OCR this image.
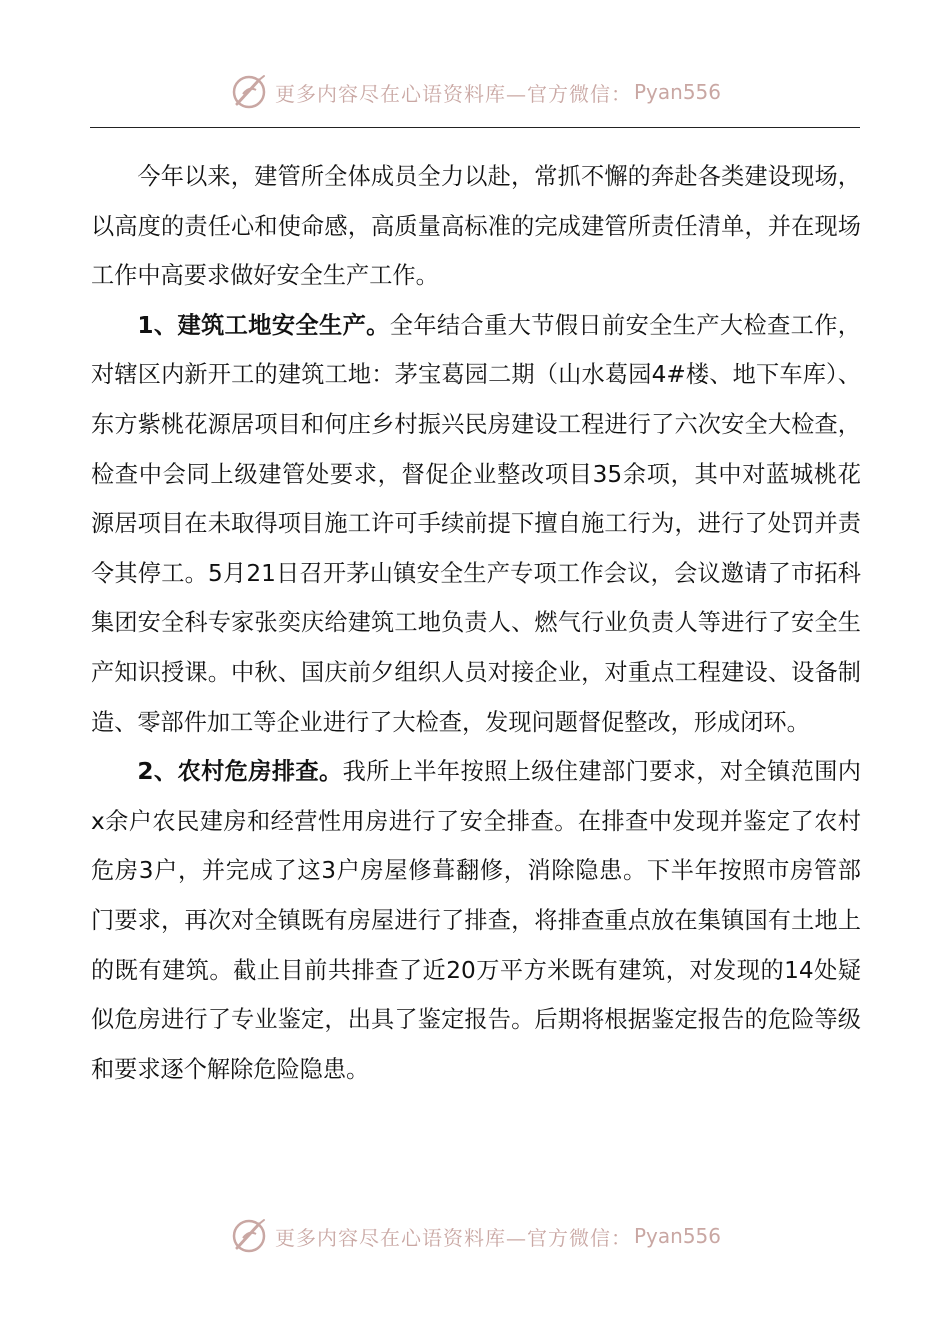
更多内容尽在心语资料库—官方微信： Pyan556

今年以来，建管所全体成员全力以赴，常抓不懈的奔赴各类建设现场，以高度的责任心和使命感，高质量高标准的完成建管所责任清单，并在现场工作中高要求做好安全生产工作。

1、建筑工地安全生产。全年结合重大节假日前安全生产大检查工作，对辖区内新开工的建筑工地：茅宝葛园二期（山水葛园4#楼、地下车库）、东方紫桃花源居项目和何庄乡村振兴民房建设工程进行了六次安全大检查，检查中会同上级建管处要求，督促企业整改项目35余项，其中对蓝城桃花源居项目在未取得项目施工许可手续前提下擅自施工行为，进行了处罚并责令其停工。5月21日召开茅山镇安全生产专项工作会议，会议邀请了市拓科集团安全科专家张奕庆给建筑工地负责人、燃气行业负责人等进行了安全生产知识授课。中秋、国庆前夕组织人员对接企业，对重点工程建设、设备制造、零部件加工等企业进行了大检查，发现问题督促整改，形成闭环。

2、农村危房排查。我所上半年按照上级住建部门要求，对全镇范围内x余户农民建房和经营性用房进行了安全排查。在排查中发现并鉴定了农村危房3户，并完成了这3户房屋修葺翻修，消除隐患。下半年按照市房管部门要求，再次对全镇既有房屋进行了排查，将排查重点放在集镇国有土地上的既有建筑。截止目前共排查了近20万平方米既有建筑，对发现的14处疑似危房进行了专业鉴定，出具了鉴定报告。后期将根据鉴定报告的危险等级和要求逐个解除危险隐患。

更多内容尽在心语资料库—官方微信： Pyan556
